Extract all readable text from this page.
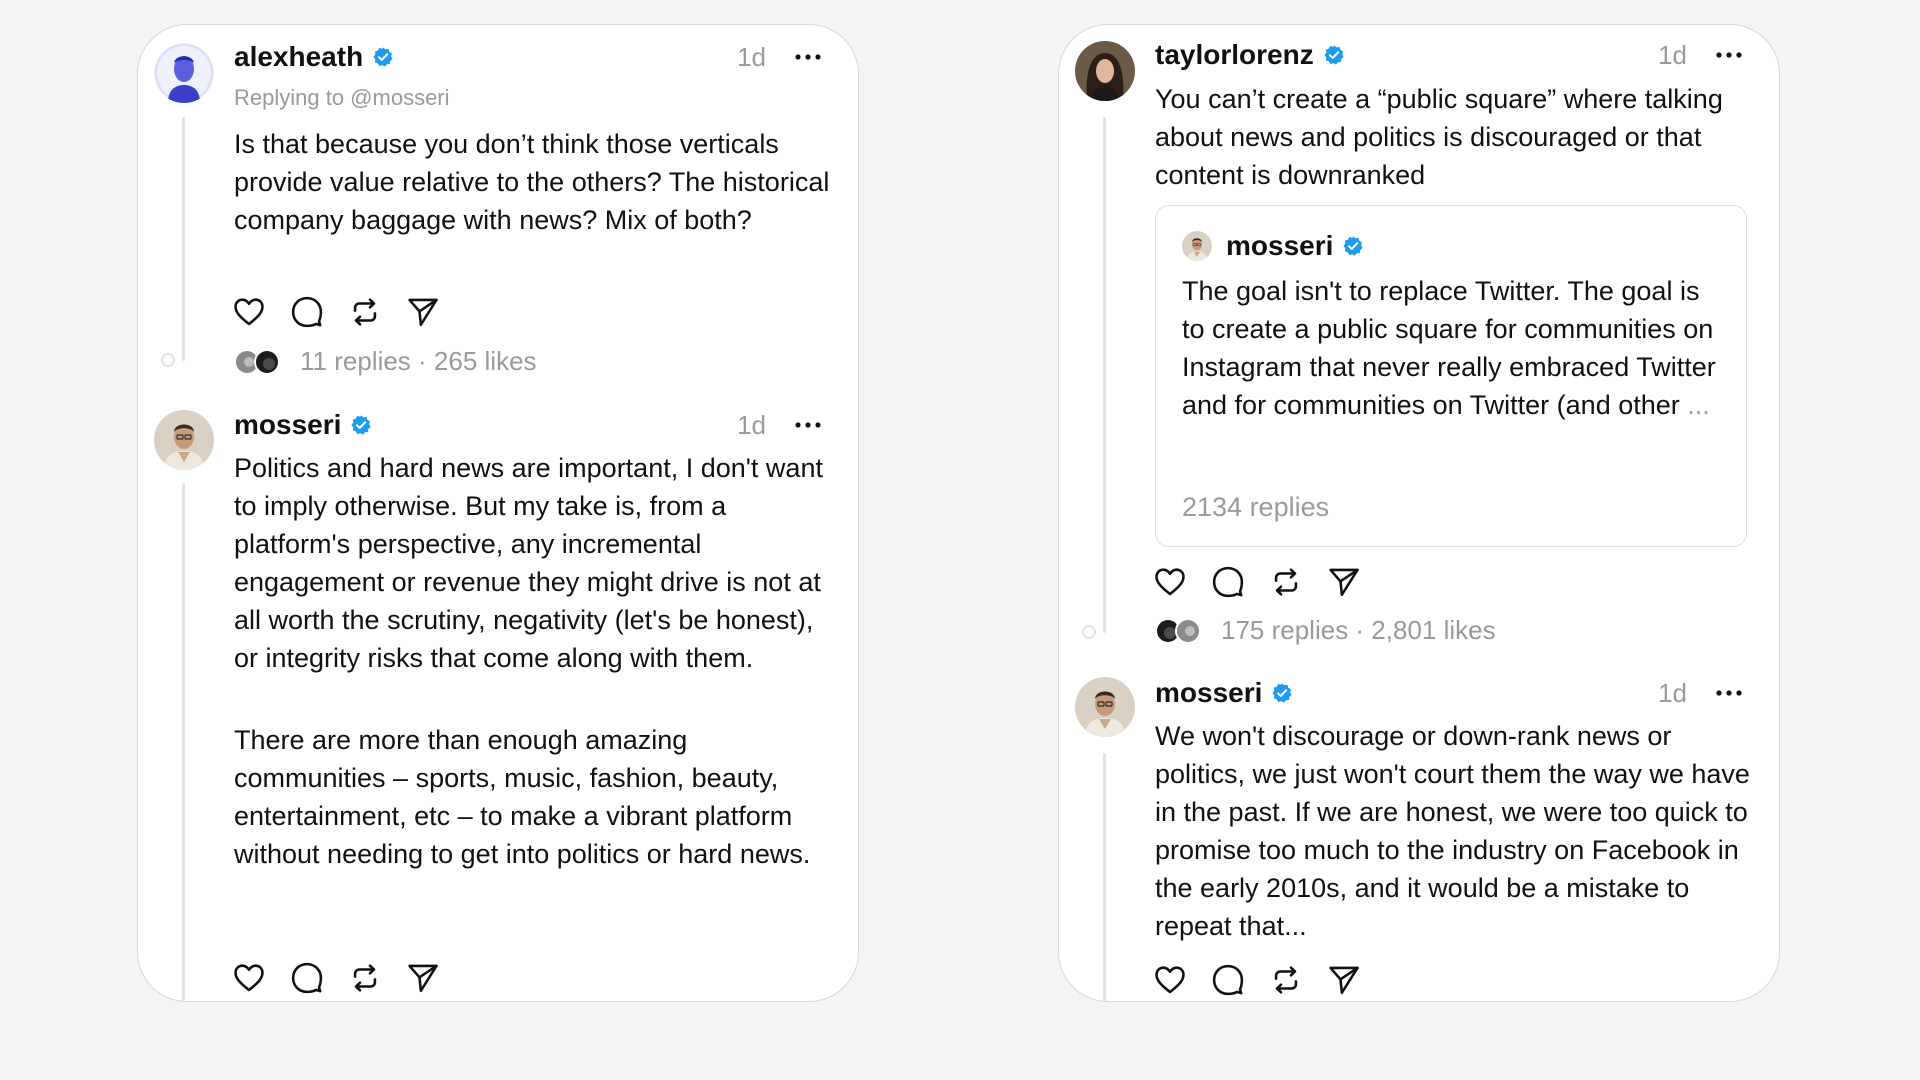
alexheath	1d
Replying to @mosseri

Is that because you don’t think those verticals provide value relative to the others? The historical company baggage with news? Mix of both?

11 replies · 265 likes
mosseri	1d

Politics and hard news are important, I don't want to imply otherwise. But my take is, from a platform's perspective, any incremental engagement or revenue they might drive is not at all worth the scrutiny, negativity (let's be honest), or integrity risks that come along with them.

There are more than enough amazing communities – sports, music, fashion, beauty, entertainment, etc – to make a vibrant platform without needing to get into politics or hard news.

taylorlorenz	1d

You can’t create a “public square” where talking about news and politics is discouraged or that content is downranked

mosseri
The goal isn't to replace Twitter. The goal is to create a public square for communities on Instagram that never really embraced Twitter and for communities on Twitter (and other ...
2134 replies
175 replies · 2,801 likes
mosseri	1d

We won't discourage or down-rank news or politics, we just won't court them the way we have in the past. If we are honest, we were too quick to promise too much to the industry on Facebook in the early 2010s, and it would be a mistake to repeat that...
